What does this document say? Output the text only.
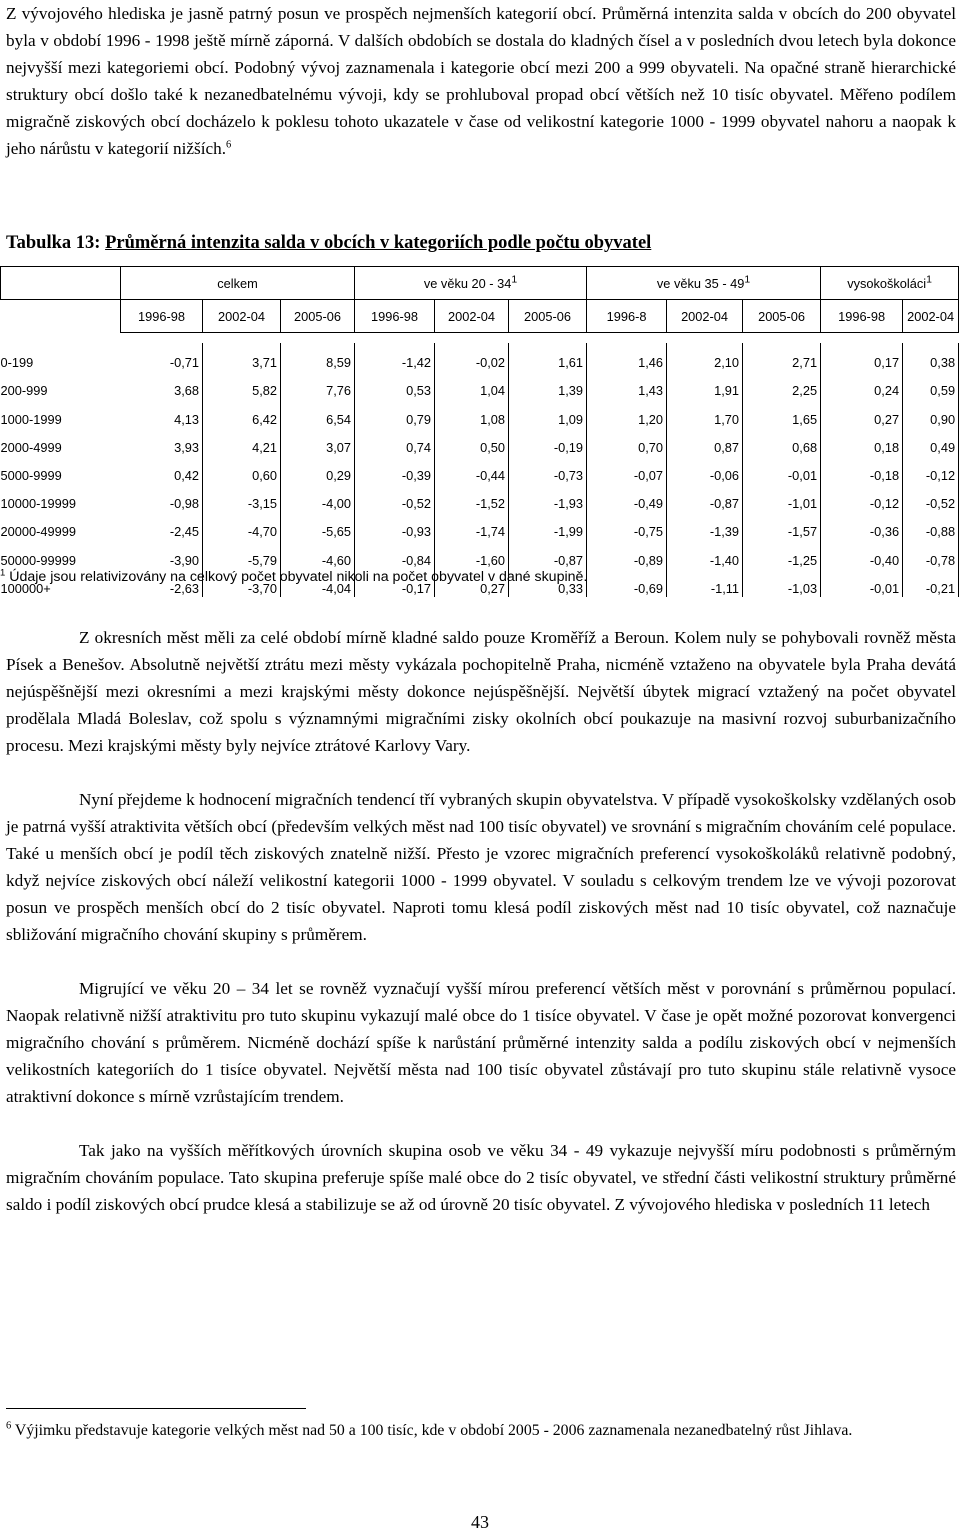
Z vývojového hlediska je jasně patrný posun ve prospěch nejmenších kategorií obcí. Průměrná intenzita salda v obcích do 200 obyvatel byla v období 1996 - 1998 ještě mírně záporná. V dalších obdobích se dostala do kladných čísel a v posledních dvou letech byla dokonce nejvyšší mezi kategoriemi obcí. Podobný vývoj zaznamenala i kategorie obcí mezi 200 a 999 obyvateli. Na opačné straně hierarchické struktury obcí došlo také k nezanedbatelnému vývoji, kdy se prohluboval propad obcí větších než 10 tisíc obyvatel. Měřeno podílem migračně ziskových obcí docházelo k poklesu tohoto ukazatele v čase od velikostní kategorie 1000 - 1999 obyvatel nahoru a naopak k jeho nárůstu v kategorií nižších.$^6$

Tabulka 13: Průměrná intenzita salda v obcích v kategoriích podle počtu obyvatel
	celkem			ve věku $20 - 34^1$			ve věku $35 - 49^1$			vysokoškoláci$^1$
	1996-98	2002-04	2005-06	1996-98	2002-04	2005-06	1996-8	2002-04	2005-06	1996-98	2002-04

0-199	-0,71	3,71	8,59	-1,42	-0,02	1,61	1,46	2,10	2,71	0,17	0,38
200-999	3,68	5,82	7,76	0,53	1,04	1,39	1,43	1,91	2,25	0,24	0,59
1000-1999	4,13	6,42	6,54	0,79	1,08	1,09	1,20	1,70	1,65	0,27	0,90
2000-4999	3,93	4,21	3,07	0,74	0,50	-0,19	0,70	0,87	0,68	0,18	0,49
5000-9999	0,42	0,60	0,29	-0,39	-0,44	-0,73	-0,07	-0,06	-0,01	-0,18	-0,12
10000-19999	-0,98	-3,15	-4,00	-0,52	-1,52	-1,93	-0,49	-0,87	-1,01	-0,12	-0,52
20000-49999	-2,45	-4,70	-5,65	-0,93	-1,74	-1,99	-0,75	-1,39	-1,57	-0,36	-0,88
50000-99999	-3,90	-5,79	-4,60	-0,84	-1,60	-0,87	-0,89	-1,40	-1,25	-0,40	-0,78
100000+	-2,63	-3,70	-4,04	-0,17	0,27	0,33	-0,69	-1,11	-1,03	-0,01	-0,21
$^1$ Údaje jsou relativizovány na celkový počet obyvatel nikoli na počet obyvatel v dané skupině.

Z okresních měst měli za celé období mírně kladné saldo pouze Kroměříž a Beroun. Kolem nuly se pohybovali rovněž města Písek a Benešov. Absolutně největší ztrátu mezi městy vykázala pochopitelně Praha, nicméně vztaženo na obyvatele byla Praha devátá nejúspěšnější mezi okresními a mezi krajskými městy dokonce nejúspěšnější. Největší úbytek migrací vztažený na počet obyvatel prodělala Mladá Boleslav, což spolu s významnými migračními zisky okolních obcí poukazuje na masivní rozvoj suburbanizačního procesu. Mezi krajskými městy byly nejvíce ztrátové Karlovy Vary.

Nyní přejdeme k hodnocení migračních tendencí tří vybraných skupin obyvatelstva. V případě vysokoškolsky vzdělaných osob je patrná vyšší atraktivita větších obcí (především velkých měst nad 100 tisíc obyvatel) ve srovnání s migračním chováním celé populace. Také u menších obcí je podíl těch ziskových znatelně nižší. Přesto je vzorec migračních preferencí vysokoškoláků relativně podobný, když nejvíce ziskových obcí náleží velikostní kategorii 1000 - 1999 obyvatel. V souladu s celkovým trendem lze ve vývoji pozorovat posun ve prospěch menších obcí do 2 tisíc obyvatel. Naproti tomu klesá podíl ziskových měst nad 10 tisíc obyvatel, což naznačuje sbližování migračního chování skupiny s průměrem.

Migrující ve věku 20 – 34 let se rovněž vyznačují vyšší mírou preferencí větších měst v porovnání s průměrnou populací. Naopak relativně nižší atraktivitu pro tuto skupinu vykazují malé obce do 1 tisíce obyvatel. V čase je opět možné pozorovat konvergenci migračního chování s průměrem. Nicméně dochází spíše k narůstání průměrné intenzity salda a podílu ziskových obcí v nejmenších velikostních kategoriích do 1 tisíce obyvatel. Největší města nad 100 tisíc obyvatel zůstávají pro tuto skupinu stále relativně vysoce atraktivní dokonce s mírně vzrůstajícím trendem.

Tak jako na vyšších měřítkových úrovních skupina osob ve věku 34 - 49 vykazuje nejvyšší míru podobnosti s průměrným migračním chováním populace. Tato skupina preferuje spíše malé obce do 2 tisíc obyvatel, ve střední části velikostní struktury průměrné saldo i podíl ziskových obcí prudce klesá a stabilizuje se až od úrovně 20 tisíc obyvatel. Z vývojového hlediska v posledních 11 letech

$^6$ Výjimku představuje kategorie velkých měst nad 50 a 100 tisíc, kde v období 2005 - 2006 zaznamenala nezanedbatelný růst Jihlava.
43
